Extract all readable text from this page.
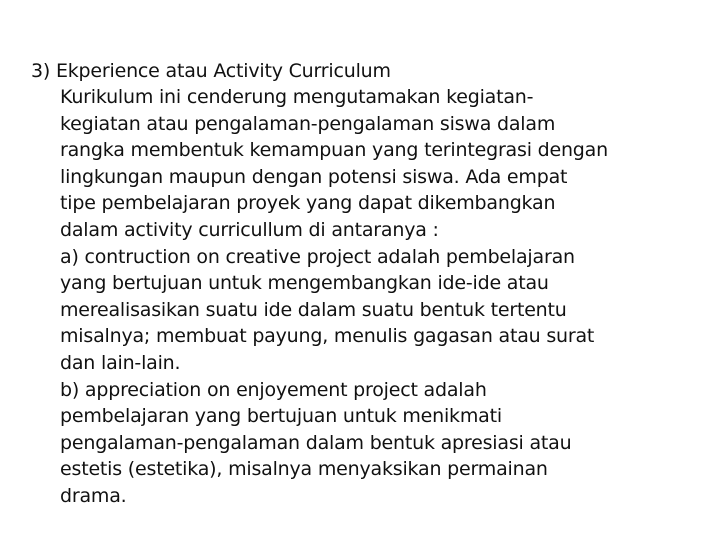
3) Ekperience atau Activity Curriculum
Kurikulum ini cenderung mengutamakan kegiatan-
kegiatan atau pengalaman-pengalaman siswa dalam
rangka membentuk kemampuan yang terintegrasi dengan
lingkungan maupun dengan potensi siswa. Ada empat
tipe pembelajaran proyek yang dapat dikembangkan
dalam activity curricullum di antaranya :
a) contruction on creative project adalah pembelajaran
yang bertujuan untuk mengembangkan ide-ide atau
merealisasikan suatu ide dalam suatu bentuk tertentu
misalnya; membuat payung, menulis gagasan atau surat
dan lain-lain.
b) appreciation on enjoyement project adalah
pembelajaran yang bertujuan untuk menikmati
pengalaman-pengalaman dalam bentuk apresiasi atau
estetis (estetika), misalnya menyaksikan permainan
drama.
